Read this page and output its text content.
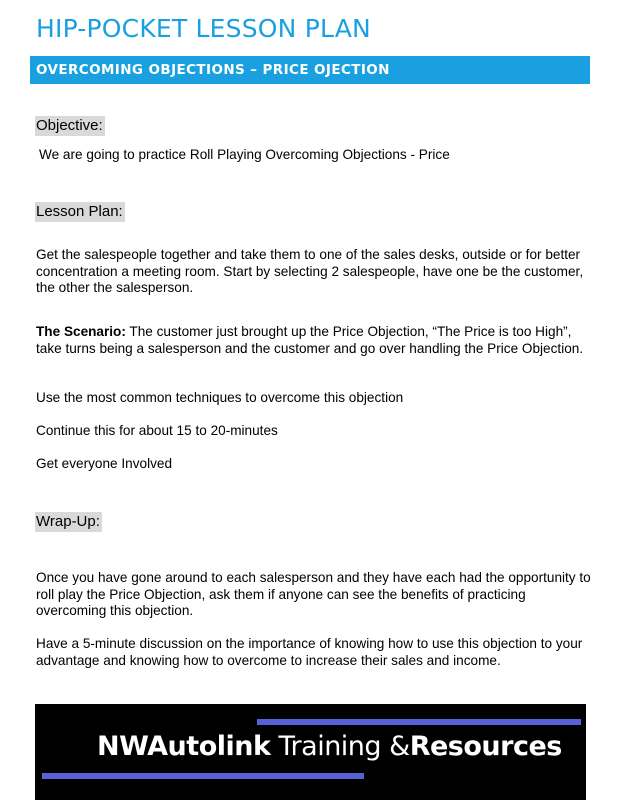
HIP-POCKET LESSON PLAN
OVERCOMING OBJECTIONS – PRICE OJECTION
Objective:
We are going to practice Roll Playing Overcoming Objections - Price
Lesson Plan:
Get the salespeople together and take them to one of the sales desks, outside or for better concentration a meeting room. Start by selecting 2 salespeople, have one be the customer, the other the salesperson.
The Scenario: The customer just brought up the Price Objection, “The Price is too High”, take turns being a salesperson and the customer and go over handling the Price Objection.
Use the most common techniques to overcome this objection
Continue this for about 15 to 20-minutes
Get everyone Involved
Wrap-Up:
Once you have gone around to each salesperson and they have each had the opportunity to roll play the Price Objection, ask them if anyone can see the benefits of practicing overcoming this objection.
Have a 5-minute discussion on the importance of knowing how to use this objection to your advantage and knowing how to overcome to increase their sales and income.
NWAutolink Training &Resources
